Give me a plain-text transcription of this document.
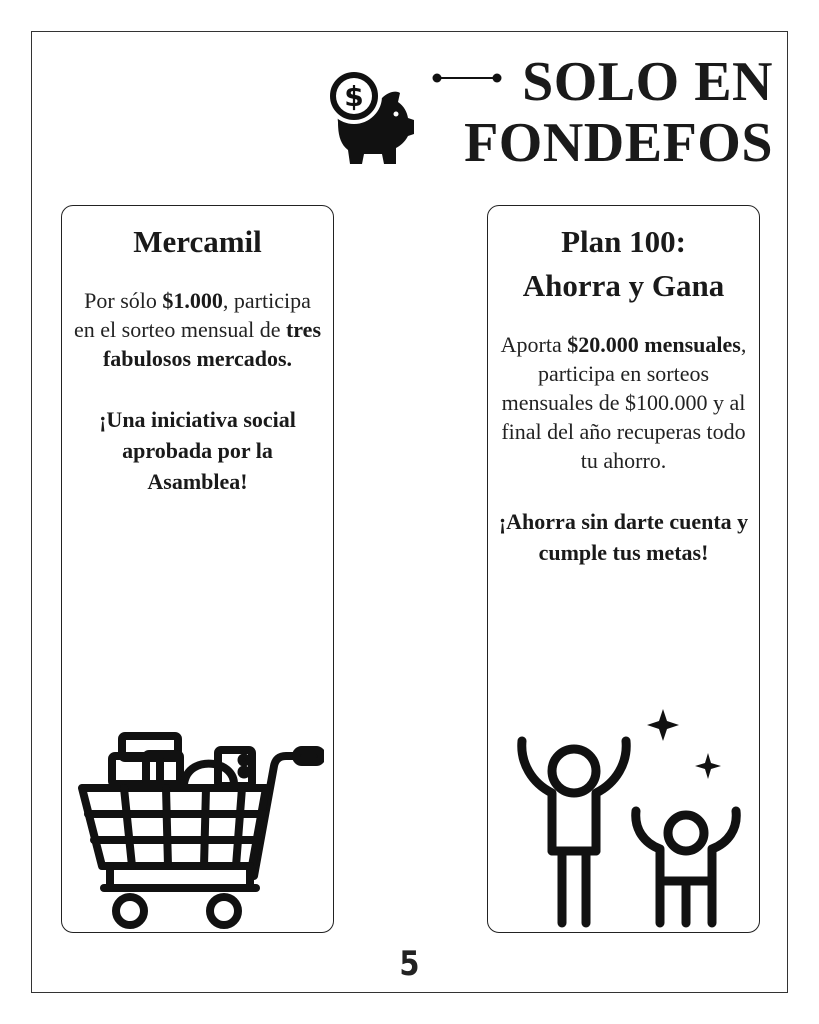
$	SOLO EN
FONDEFOS
Mercamil

Por sólo $1.000, participa en el sorteo mensual de tres fabulosos mercados.

¡Una iniciativa social aprobada por la Asamblea!

Plan 100:
Ahorra y Gana

Aporta $20.000 mensuales, participa en sorteos mensuales de $100.000 y al final del año recuperas todo tu ahorro.

¡Ahorra sin darte cuenta y cumple tus metas!

5
